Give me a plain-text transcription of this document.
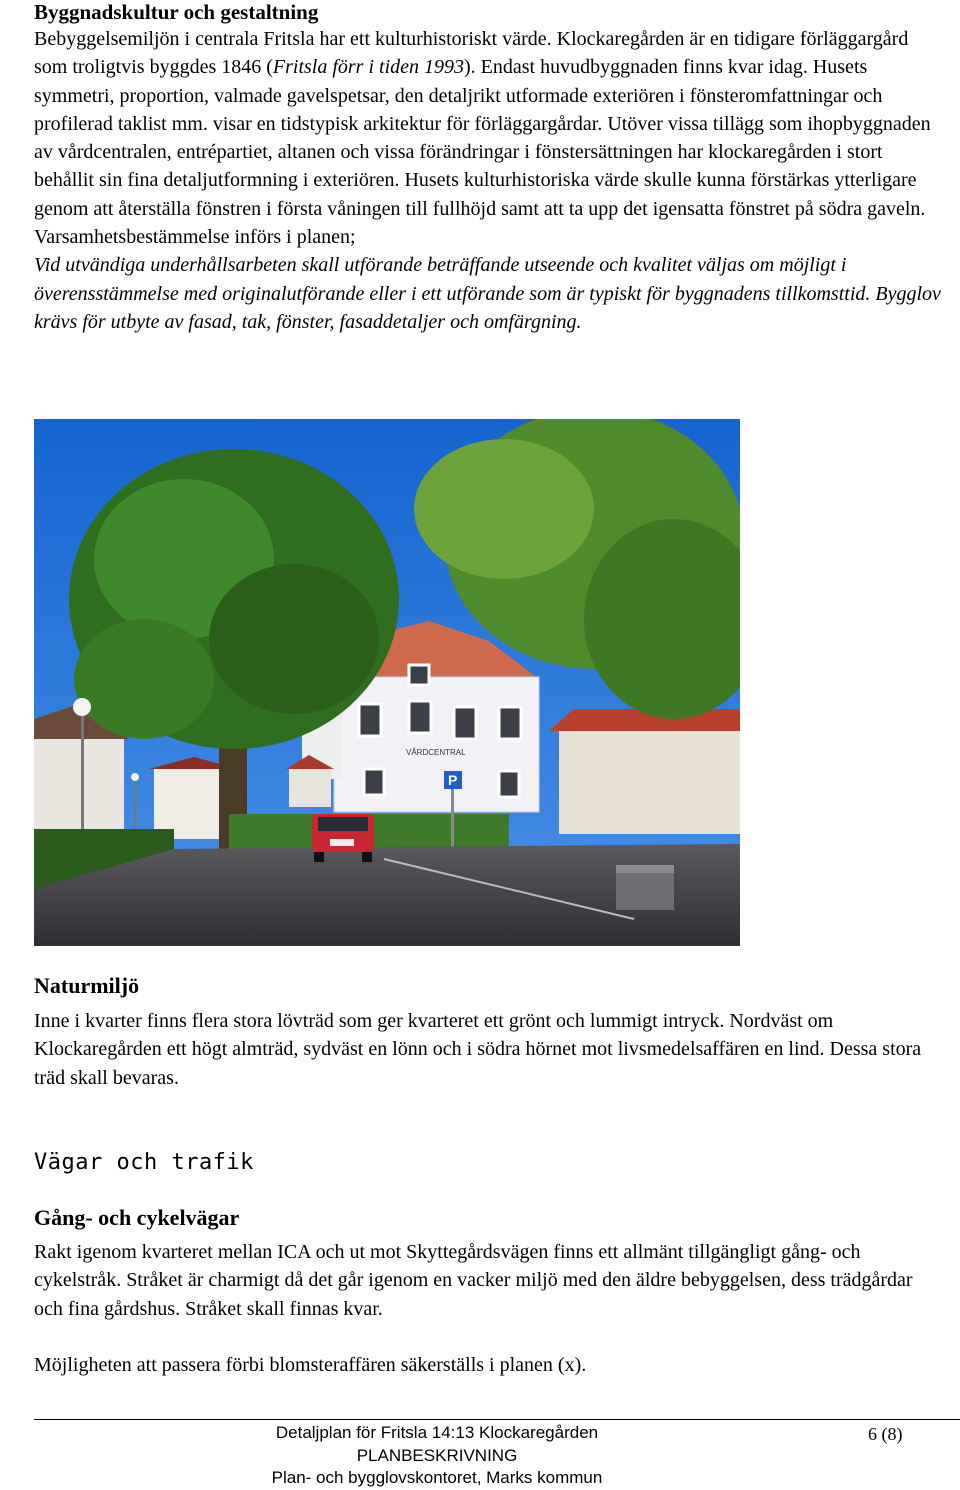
Byggnadskultur och gestaltning

Bebyggelsemiljön i centrala Fritsla har ett kulturhistoriskt värde. Klockaregården är en tidigare förläggargård som troligtvis byggdes 1846 (Fritsla förr i tiden 1993). Endast huvudbyggnaden finns kvar idag. Husets symmetri, proportion, valmade gavelspetsar, den detaljrikt utformade exteriören i fönsteromfattningar och profilerad taklist mm. visar en tidstypisk arkitektur för förläggargårdar. Utöver vissa tillägg som ihopbyggnaden av vårdcentralen, entrépartiet, altanen och vissa förändringar i fönstersättningen har klockaregården i stort behållit sin fina detaljutformning i exteriören. Husets kulturhistoriska värde skulle kunna förstärkas ytterligare genom att återställa fönstren i första våningen till fullhöjd samt att ta upp det igensatta fönstret på södra gaveln.

Varsamhetsbestämmelse införs i planen;

Vid utvändiga underhållsarbeten skall utförande beträffande utseende och kvalitet väljas om möjligt i överensstämmelse med originalutförande eller i ett utförande som är typiskt för byggnadens tillkomsttid. Bygglov krävs för utbyte av fasad, tak, fönster, fasaddetaljer och omfärgning.

VÅRDCENTRAL
P
Naturmiljö

Inne i kvarter finns flera stora lövträd som ger kvarteret ett grönt och lummigt intryck. Nordväst om Klockaregården ett högt almträd, sydväst en lönn och i södra hörnet mot livsmedelsaffären en lind. Dessa stora träd skall bevaras.

Vägar och trafik
Gång- och cykelvägar

Rakt igenom kvarteret mellan ICA och ut mot Skyttegårdsvägen finns ett allmänt tillgängligt gång- och cykelstråk. Stråket är charmigt då det går igenom en vacker miljö med den äldre bebyggelsen, dess trädgårdar och fina gårdshus. Stråket skall finnas kvar.

Möjligheten att passera förbi blomsteraffären säkerställs i planen (x).

Detaljplan för Fritsla 14:13 Klockaregården
PLANBESKRIVNING
Plan- och bygglovskontoret, Marks kommun
6 (8)
